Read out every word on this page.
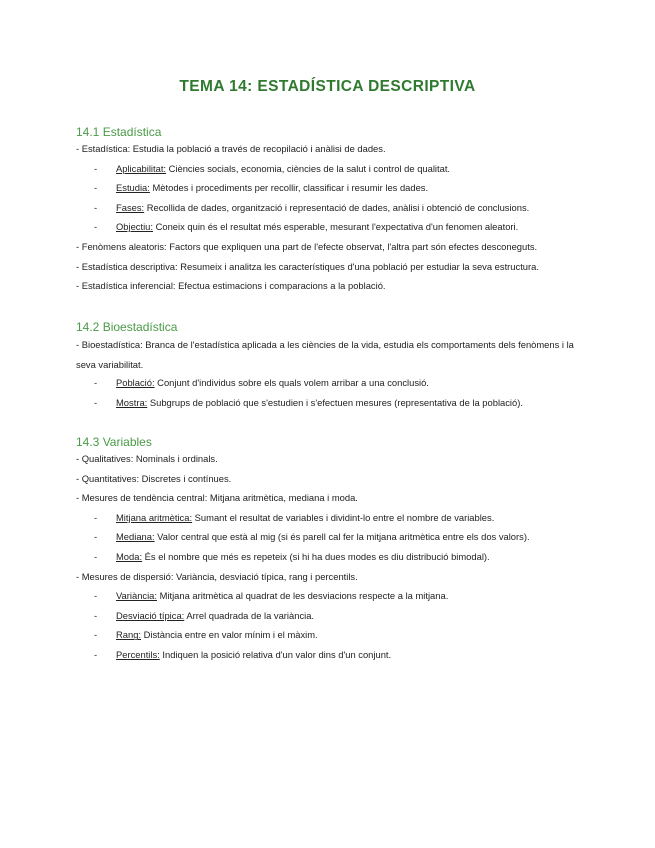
TEMA 14: ESTADÍSTICA DESCRIPTIVA
14.1 Estadística
- Estadística: Estudia la població a través de recopilació i anàlisi de dades.
- Aplicabilitat: Ciències socials, economia, ciències de la salut i control de qualitat.
- Estudia: Mètodes i procediments per recollir, classificar i resumir les dades.
- Fases: Recollida de dades, organització i representació de dades, anàlisi i obtenció de conclusions.
- Objectiu: Coneix quin és el resultat més esperable, mesurant l'expectativa d'un fenomen aleatori.
- Fenòmens aleatoris: Factors que expliquen una part de l'efecte observat, l'altra part són efectes desconeguts.
- Estadística descriptiva: Resumeix i analitza les característiques d'una població per estudiar la seva estructura.
- Estadística inferencial: Efectua estimacions i comparacions a la població.
14.2 Bioestadística
- Bioestadística: Branca de l'estadística aplicada a les ciències de la vida, estudia els comportaments dels fenòmens i la seva variabilitat.
- Població: Conjunt d'individus sobre els quals volem arribar a una conclusió.
- Mostra: Subgrups de població que s'estudien i s'efectuen mesures (representativa de la població).
14.3 Variables
- Qualitatives: Nominals i ordinals.
- Quantitatives: Discretes i contínues.
- Mesures de tendència central: Mitjana aritmètica, mediana i moda.
- Mitjana aritmètica: Sumant el resultat de variables i dividint-lo entre el nombre de variables.
- Mediana: Valor central que està al mig (si és parell cal fer la mitjana aritmètica entre els dos valors).
- Moda: És el nombre que més es repeteix (si hi ha dues modes es diu distribució bimodal).
- Mesures de dispersió: Variància, desviació típica, rang i percentils.
- Variància: Mitjana aritmètica al quadrat de les desviacions respecte a la mitjana.
- Desviació típica: Arrel quadrada de la variància.
- Rang: Distància entre en valor mínim i el màxim.
- Percentils: Indiquen la posició relativa d'un valor dins d'un conjunt.
